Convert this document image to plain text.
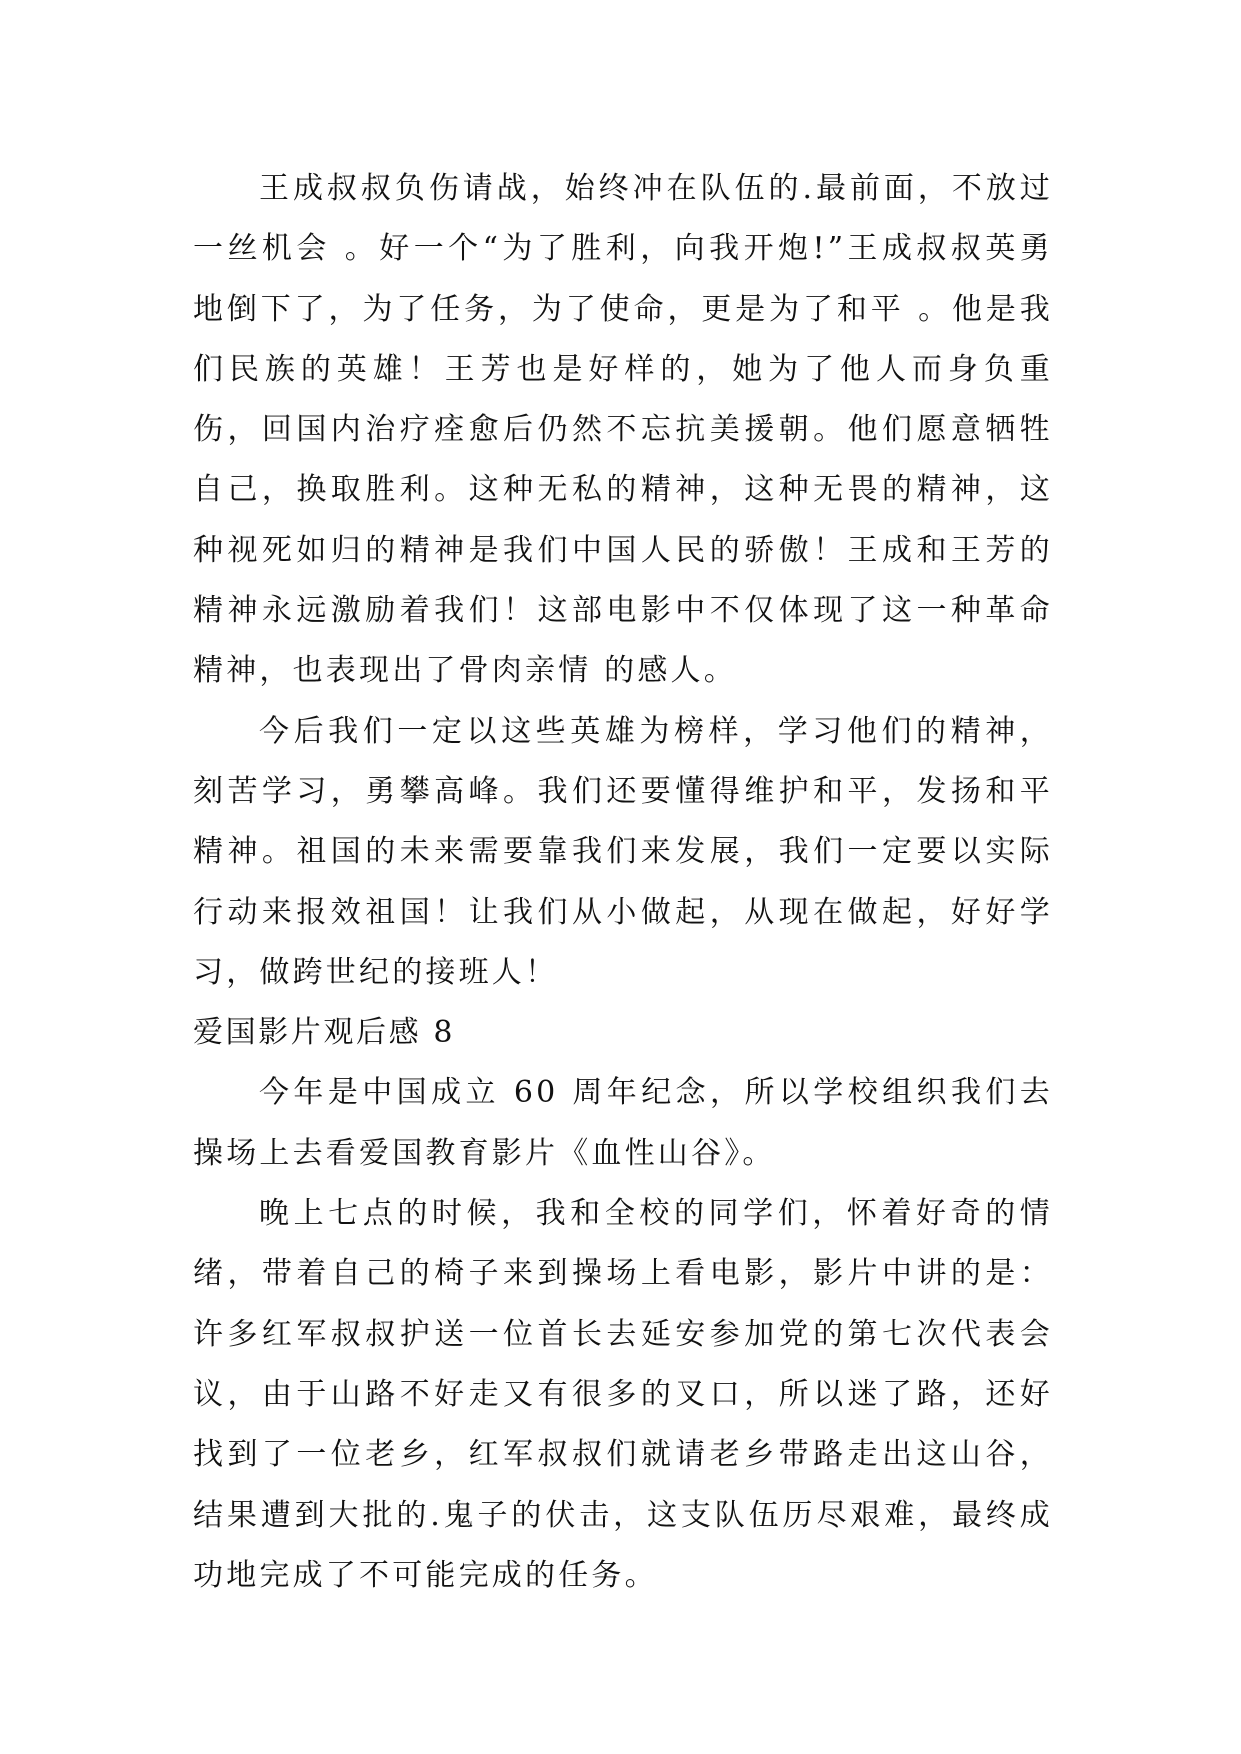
王成叔叔负伤请战，始终冲在队伍的.最前面，不放过一丝机会 。好一个“为了胜利，向我开炮!”王成叔叔英勇地倒下了，为了任务，为了使命，更是为了和平 。他是我们民族的英雄！王芳也是好样的，她为了他人而身负重伤，回国内治疗痊愈后仍然不忘抗美援朝。他们愿意牺牲自己，换取胜利。这种无私的精神，这种无畏的精神，这种视死如归的精神是我们中国人民的骄傲！王成和王芳的精神永远激励着我们！这部电影中不仅体现了这一种革命精神，也表现出了骨肉亲情 的感人。

今后我们一定以这些英雄为榜样，学习他们的精神，刻苦学习，勇攀高峰。我们还要懂得维护和平，发扬和平精神。祖国的未来需要靠我们来发展，我们一定要以实际行动来报效祖国！让我们从小做起，从现在做起，好好学习，做跨世纪的接班人！

爱国影片观后感 8

今年是中国成立 60 周年纪念，所以学校组织我们去操场上去看爱国教育影片《血性山谷》。

晚上七点的时候，我和全校的同学们，怀着好奇的情绪，带着自己的椅子来到操场上看电影，影片中讲的是：许多红军叔叔护送一位首长去延安参加党的第七次代表会议，由于山路不好走又有很多的叉口，所以迷了路，还好找到了一位老乡，红军叔叔们就请老乡带路走出这山谷，结果遭到大批的.鬼子的伏击，这支队伍历尽艰难，最终成功地完成了不可能完成的任务。
